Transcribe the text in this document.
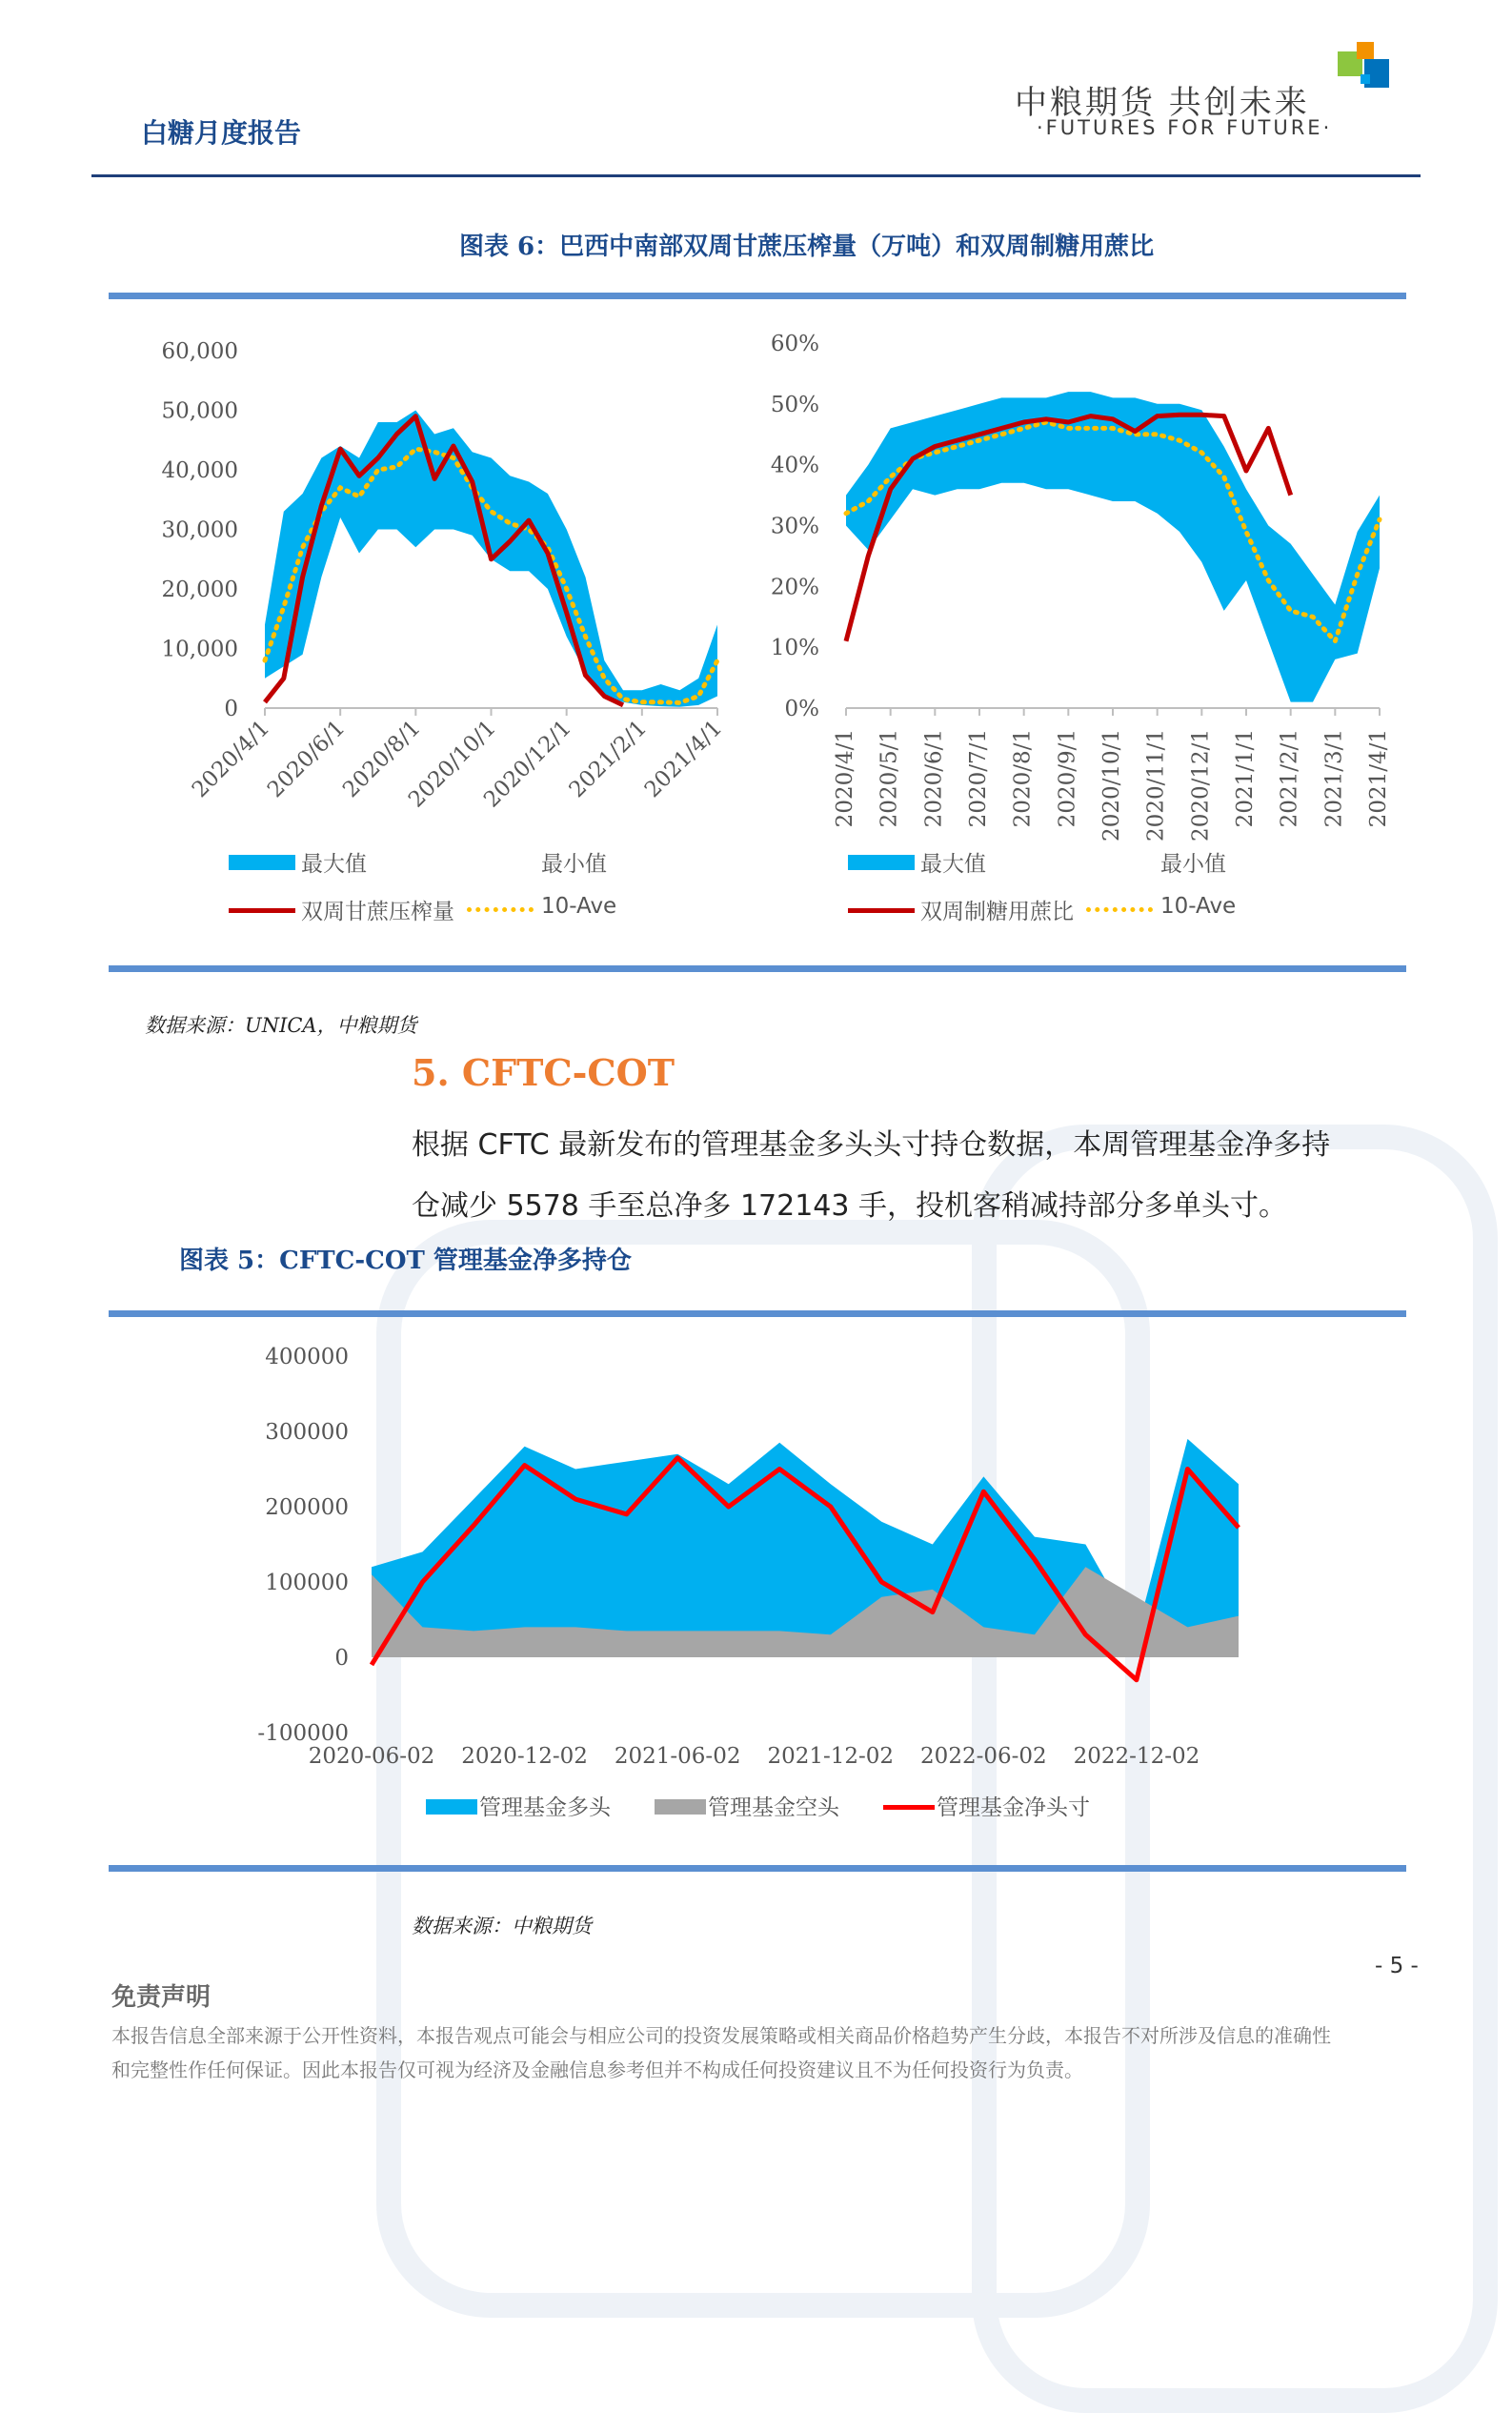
白糖月度报告
中粮期货 共创未来
·FUTURES FOR FUTURE·
图表 6：巴西中南部双周甘蔗压榨量（万吨）和双周制糖用蔗比
60,000
50,000
40,000
30,000
20,000
10,000
0
2020/4/1
2020/6/1
2020/8/1
2020/10/1
2020/12/1
2021/2/1
2021/4/1
60%
50%
40%
30%
20%
10%
0%
2020/4/1 2020/5/1 2020/6/1 2020/7/1 2020/8/1 2020/9/1 2020/10/1 2020/11/1 2020/12/1 2021/1/1 2021/2/1 2021/3/1 2021/4/1
最大值	最小值
双周甘蔗压榨量	10-Ave
最大值	最小值
双周制糖用蔗比	10-Ave
数据来源：UNICA，中粮期货
5. CFTC-COT
根据 CFTC 最新发布的管理基金多头头寸持仓数据，本周管理基金净多持
仓减少 5578 手至总净多 172143 手，投机客稍减持部分多单头寸。
图表 5：CFTC-COT 管理基金净多持仓
400000
300000
200000
100000
0
-100000
2020-06-02 2020-12-02 2021-06-02 2021-12-02 2022-06-02 2022-12-02
管理基金多头	管理基金空头	管理基金净头寸
数据来源：中粮期货
- 5 -
免责声明
本报告信息全部来源于公开性资料，本报告观点可能会与相应公司的投资发展策略或相关商品价格趋势产生分歧，本报告不对所涉及信息的准确性
和完整性作任何保证。因此本报告仅可视为经济及金融信息参考但并不构成任何投资建议且不为任何投资行为负责。
